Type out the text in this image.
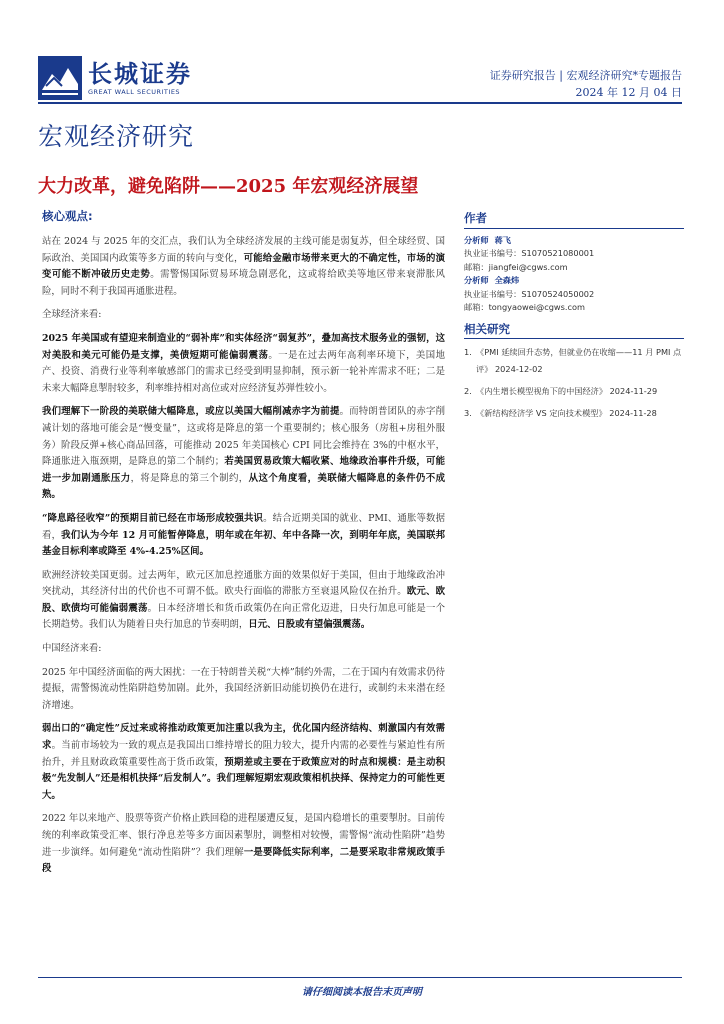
长城证券
GREAT WALL SECURITIES
证券研究报告 | 宏观经济研究*专题报告
2024 年 12 月 04 日
宏观经济研究
大力改革，避免陷阱——2025 年宏观经济展望
核心观点:

站在 2024 与 2025 年的交汇点，我们认为全球经济发展的主线可能是弱复苏，但全球经贸、国际政治、美国国内政策等多方面的转向与变化，可能给金融市场带来更大的不确定性，市场的演变可能不断冲破历史走势。需警惕国际贸易环境急剧恶化，这或将给欧美等地区带来衰滞胀风险，同时不利于我国再通胀进程。

全球经济来看:

2025 年美国或有望迎来制造业的“弱补库”和实体经济“弱复苏”，叠加高技术服务业的强韧，这对美股和美元可能仍是支撑，美债短期可能偏弱震荡。一是在过去两年高利率环境下，美国地产、投资、消费行业等利率敏感部门的需求已经受到明显抑制，预示新一轮补库需求不旺；二是未来大幅降息掣肘较多，利率维持相对高位或对应经济复苏弹性较小。

我们理解下一阶段的美联储大幅降息，或应以美国大幅削减赤字为前提。而特朗普团队的赤字削减计划的落地可能会是“慢变量”，这或将是降息的第一个重要制约；核心服务（房租+房租外服务）阶段反弹+核心商品回落，可能推动 2025 年美国核心 CPI 同比会维持在 3%的中枢水平，降通胀进入瓶颈期，是降息的第二个制约；若美国贸易政策大幅收紧、地缘政治事件升级，可能进一步加剧通胀压力，将是降息的第三个制约，从这个角度看，美联储大幅降息的条件仍不成熟。

“降息路径收窄”的预期目前已经在市场形成较强共识。结合近期美国的就业、PMI、通胀等数据看，我们认为今年 12 月可能暂停降息，明年或在年初、年中各降一次，到明年年底，美国联邦基金目标利率或降至 4%-4.25%区间。

欧洲经济较美国更弱。过去两年，欧元区加息控通胀方面的效果似好于美国，但由于地缘政治冲突扰动，其经济付出的代价也不可谓不低。欧央行面临的滞胀方至衰退风险仅在抬升。欧元、欧股、欧债均可能偏弱震荡。日本经济增长和货币政策仍在向正常化迈进，日央行加息可能是一个长期趋势。我们认为随着日央行加息的节奏明朗，日元、日股或有望偏强震荡。

中国经济来看:

2025 年中国经济面临的两大困扰：一在于特朗普关税“大棒”制约外需，二在于国内有效需求仍待提振，需警惕流动性陷阱趋势加剧。此外，我国经济新旧动能切换仍在进行，或制约未来潜在经济增速。

弱出口的“确定性”反过来或将推动政策更加注重以我为主，优化国内经济结构、刺激国内有效需求。当前市场较为一致的观点是我国出口维持增长的阻力较大，提升内需的必要性与紧迫性有所抬升，并且财政政策重要性高于货币政策，预期差或主要在于政策应对的时点和规模：是主动积极“先发制人”还是相机抉择“后发制人”。我们理解短期宏观政策相机抉择、保持定力的可能性更大。

2022 年以来地产、股票等资产价格止跌回稳的进程屡遭反复，是国内稳增长的重要掣肘。目前传统的利率政策受汇率、银行净息差等多方面因素掣肘，调整相对较慢，需警惕“流动性陷阱”趋势进一步演绎。如何避免“流动性陷阱”？我们理解一是要降低实际利率，二是要采取非常规政策手段

作者
分析师 蒋飞
执业证书编号：S1070521080001
邮箱：jiangfei@cgws.com
分析师 全森炜
执业证书编号：S1070524050002
邮箱：tongyaowei@cgws.com
相关研究
1. 《PMI 延续回升态势，但就业仍在收缩——11 月 PMI 点评》 2024-12-02
2. 《内生增长模型视角下的中国经济》 2024-11-29
3. 《新结构经济学 VS 定向技术模型》 2024-11-28
请仔细阅读本报告末页声明
